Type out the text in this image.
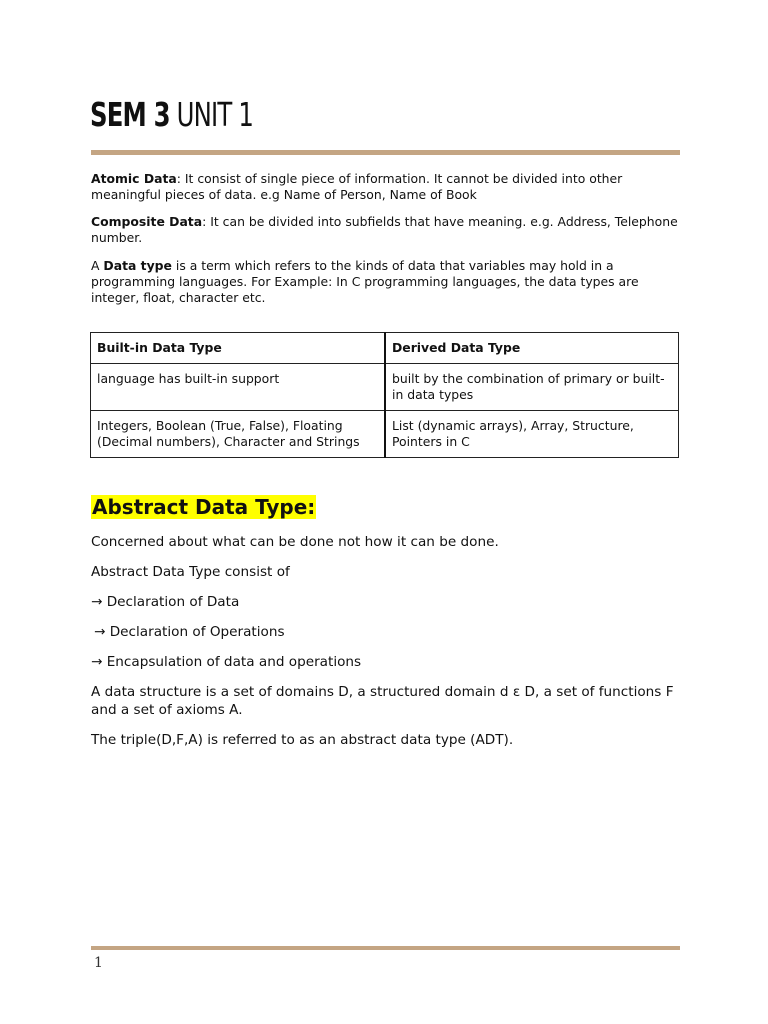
SEM 3 UNIT 1

Atomic Data: It consist of single piece of information. It cannot be divided into other meaningful pieces of data. e.g Name of Person, Name of Book

Composite Data: It can be divided into subfields that have meaning. e.g. Address, Telephone number.

A Data type is a term which refers to the kinds of data that variables may hold in a programming languages. For Example: In C programming languages, the data types are integer, float, character etc.

Built-in Data Type	Derived Data Type
language has built-in support	built by the combination of primary or built-in data types
Integers, Boolean (True, False), Floating (Decimal numbers), Character and Strings	List (dynamic arrays), Array, Structure, Pointers in C
Abstract Data Type:

Concerned about what can be done not how it can be done.

Abstract Data Type consist of

→ Declaration of Data

→ Declaration of Operations

→ Encapsulation of data and operations

A data structure is a set of domains D, a structured domain d ε D, a set of functions F and a set of axioms A.

The triple(D,F,A) is referred to as an abstract data type (ADT).

1
